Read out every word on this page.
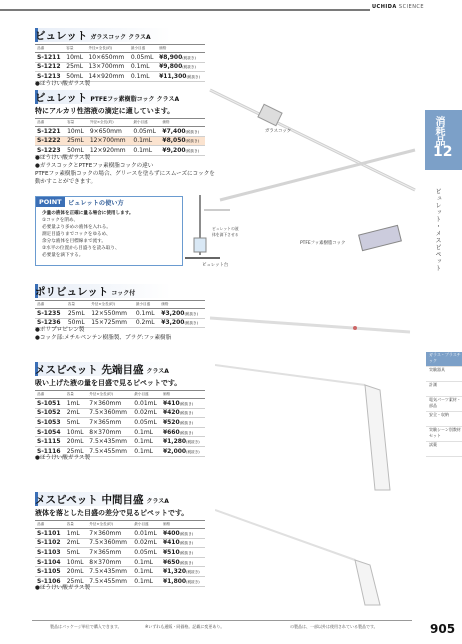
UCHIDA SCIENCE
消耗品
12
ビュレット・メスピペット
ガラス・プラスチック
実験器具
計測
電気パーツ素材・部品
安全・収納
実験シーン別教材セット
試薬
ビュレット ガラスコック クラスA
品番	容量	外径×全長(約)	最小目盛	価格
S-1211	10mL	10×650mm	0.05mL	¥8,900(税抜き)
S-1212	25mL	13×700mm	0.1mL	¥9,800(税抜き)
S-1213	50mL	14×920mm	0.1mL	¥11,300(税抜き)
●ほうけい酸ガラス製
ビュレット PTFEフッ素樹脂コック クラスA
特にアルカリ性溶液の滴定に適しています。
品番	容量	外径×全長(約)	最小目盛	価格
S-1221	10mL	9×650mm	0.05mL	¥7,400(税抜き)
S-1222	25mL	12×700mm	0.1mL	¥8,050(税抜き)
S-1223	50mL	12×920mm	0.1mL	¥9,200(税抜き)
●ほうけい酸ガラス製
●ガラスコックとPTFEフッ素樹脂コックの違い
PTFEフッ素樹脂コックの場合、グリースを塗らずにスムーズにコックを
動かすことができます。
ガラスコック
PTFEフッ素樹脂コック
POINT	ビュレットの使い方
少量の液体を正確に量る場合に使用します。
①コックを閉め、
必要量より多めの液体を入れる。
測定目盛りまでコックをゆるめ、
余分な液体を目標線まで流す。
②水平の位置から目盛りを読み取り、
必要量を滴下する。
ビュレットの液体を滴下させる
ビュレット台
ポリビュレット コック付
品番	容量	外径×全長(約)	最小目盛	価格
S-1235	25mL	12×550mm	0.1mL	¥3,200(税抜き)
S-1236	50mL	15×725mm	0.2mL	¥3,200(税抜き)
●ポリプロピレン製
●コック部:メチルペンテン樹脂製、プラグ:フッ素樹脂
メスピペット 先端目盛 クラスA
吸い上げた液の量を目盛で見るピペットです。
品番	容量	外径×全長(約)	最小目盛	価格
S-1051	1mL	7×360mm	0.01mL	¥410(税抜き)
S-1052	2mL	7.5×360mm	0.02mL	¥420(税抜き)
S-1053	5mL	7×365mm	0.05mL	¥520(税抜き)
S-1054	10mL	8×370mm	0.1mL	¥660(税抜き)
S-1115	20mL	7.5×435mm	0.1mL	¥1,280(税抜き)
S-1116	25mL	7.5×455mm	0.1mL	¥2,000(税抜き)
●ほうけい酸ガラス製
メスピペット 中間目盛 クラスA
液体を落とした目盛の差分で見るピペットです。
品番	容量	外径×全長(約)	最小目盛	価格
S-1101	1mL	7×360mm	0.01mL	¥400(税抜き)
S-1102	2mL	7.5×360mm	0.02mL	¥410(税抜き)
S-1103	5mL	7×365mm	0.05mL	¥510(税抜き)
S-1104	10mL	8×370mm	0.1mL	¥650(税抜き)
S-1105	20mL	7.5×435mm	0.1mL	¥1,320(税抜き)
S-1106	25mL	7.5×455mm	0.1mL	¥1,800(税抜き)
●ほうけい酸ガラス製
製品はパッケージ単位で購入できます。	※いずれも通販・同価格。記載に変更あり。	の製品は、一部以外は使用されている製品です。	905
